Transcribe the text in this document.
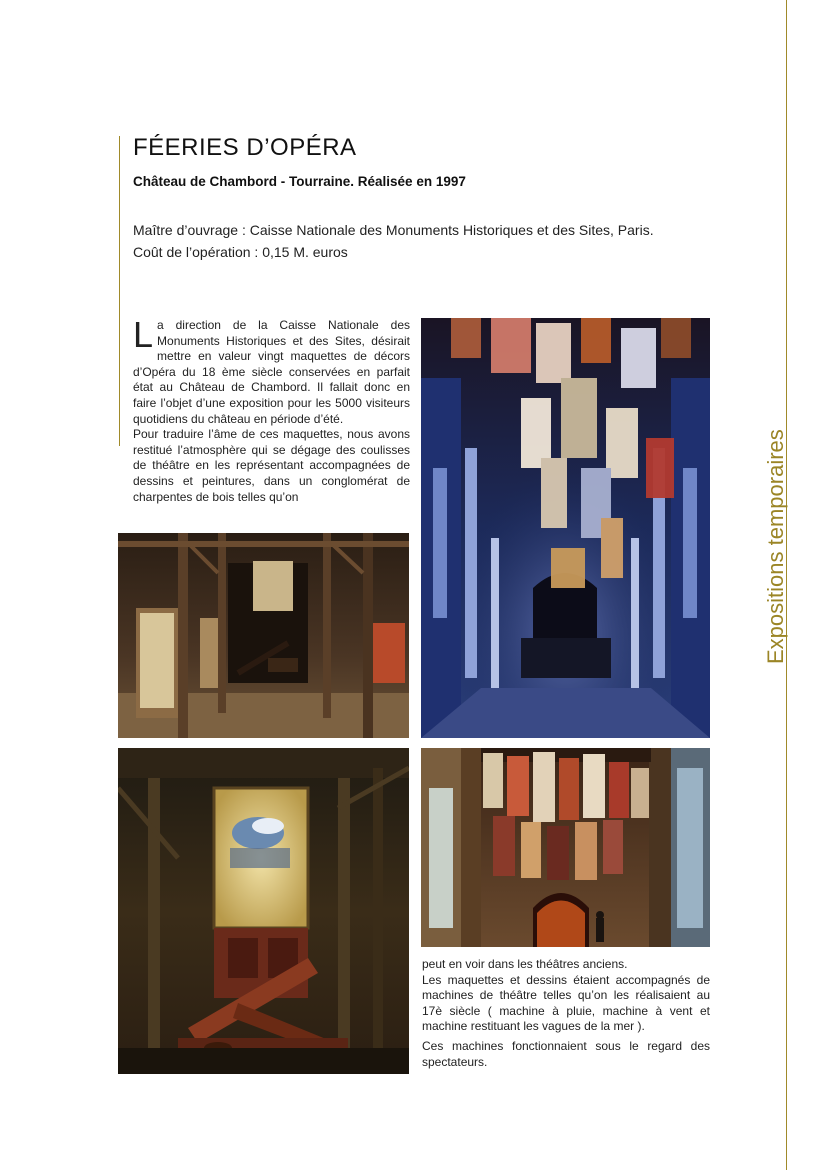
Expositions temporaires
FÉERIES D’OPÉRA
Château de Chambord - Tourraine. Réalisée en 1997
Maître d’ouvrage : Caisse Nationale des Monuments Historiques et des Sites, Paris.
Coût de l’opération : 0,15 M. euros

La direction de la Caisse Nationale des Monuments Historiques et des Sites, désirait mettre en valeur vingt maquettes de décors d’Opéra du 18 ème siècle conservées en parfait état au Château de Chambord. Il fallait donc en faire l’objet d’une exposition pour les 5000 visiteurs quotidiens du château en période d’été.

Pour traduire l’âme de ces maquettes, nous avons restitué l’atmosphère qui se dégage des coulisses de théâtre en les représentant accompagnées de dessins et peintures, dans un conglomérat de charpentes de bois telles qu’on

peut en voir dans les théâtres anciens.

Les maquettes et dessins étaient accompagnés de machines de théâtre telles qu’on les réalisaient au 17è siècle ( machine à pluie, machine à vent et machine restituant les vagues de la mer ).

Ces machines fonctionnaient sous le regard des spectateurs.
